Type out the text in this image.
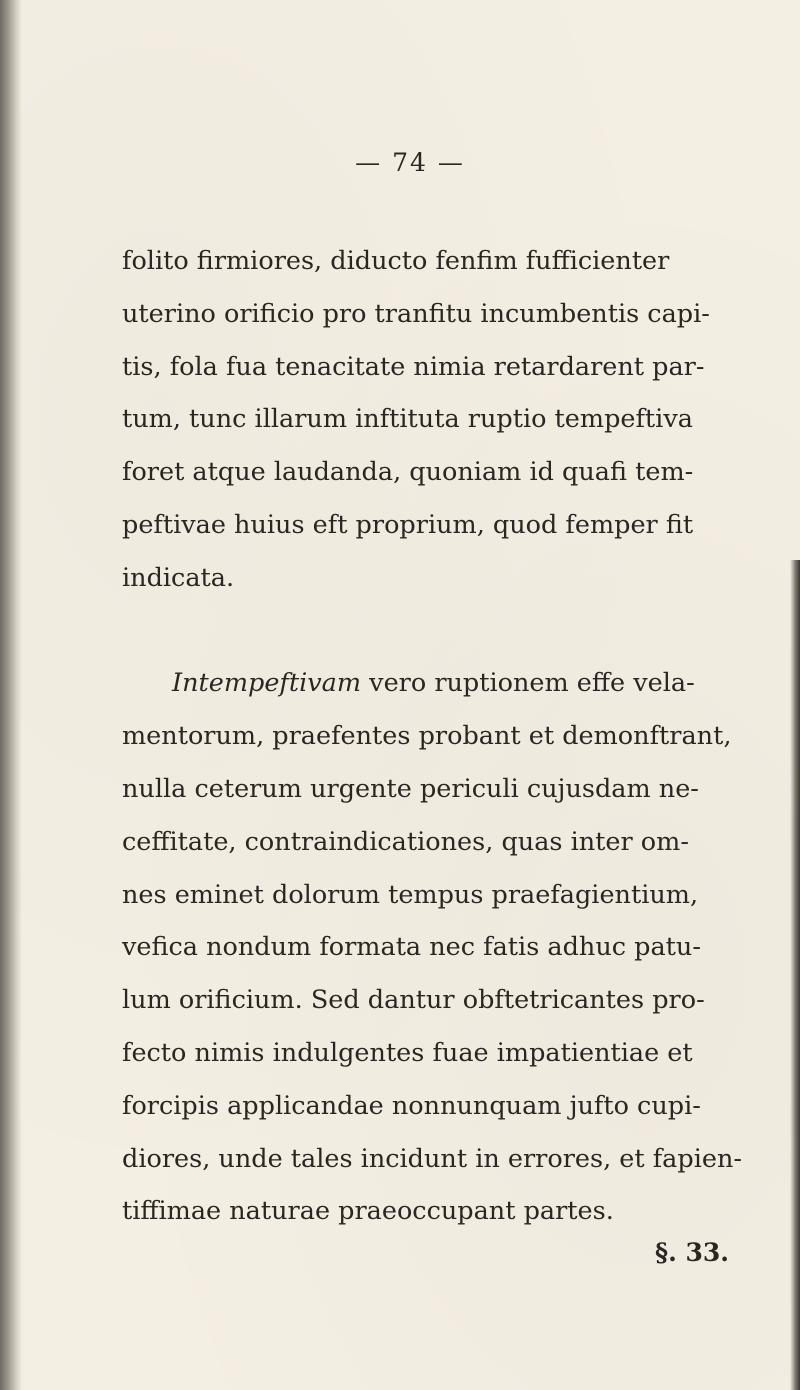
— 74 —
folito firmiores, diducto fenfim fufficienter
uterino orificio pro tranfitu incumbentis capi-
tis, fola fua tenacitate nimia retardarent par-
tum, tunc illarum inftituta ruptio tempeftiva
foret atque laudanda, quoniam id quafi tem-
peftivae huius eft proprium, quod femper fit
indicata.
Intempeftivam vero ruptionem effe vela-
mentorum, praefentes probant et demonftrant,
nulla ceterum urgente periculi cujusdam ne-
ceffitate, contraindicationes, quas inter om-
nes eminet dolorum tempus praefagientium,
vefica nondum formata nec fatis adhuc patu-
lum orificium. Sed dantur obftetricantes pro-
fecto nimis indulgentes fuae impatientiae et
forcipis applicandae nonnunquam jufto cupi-
diores, unde tales incidunt in errores, et fapien-
tiffimae naturae praeoccupant partes.
§. 33.
